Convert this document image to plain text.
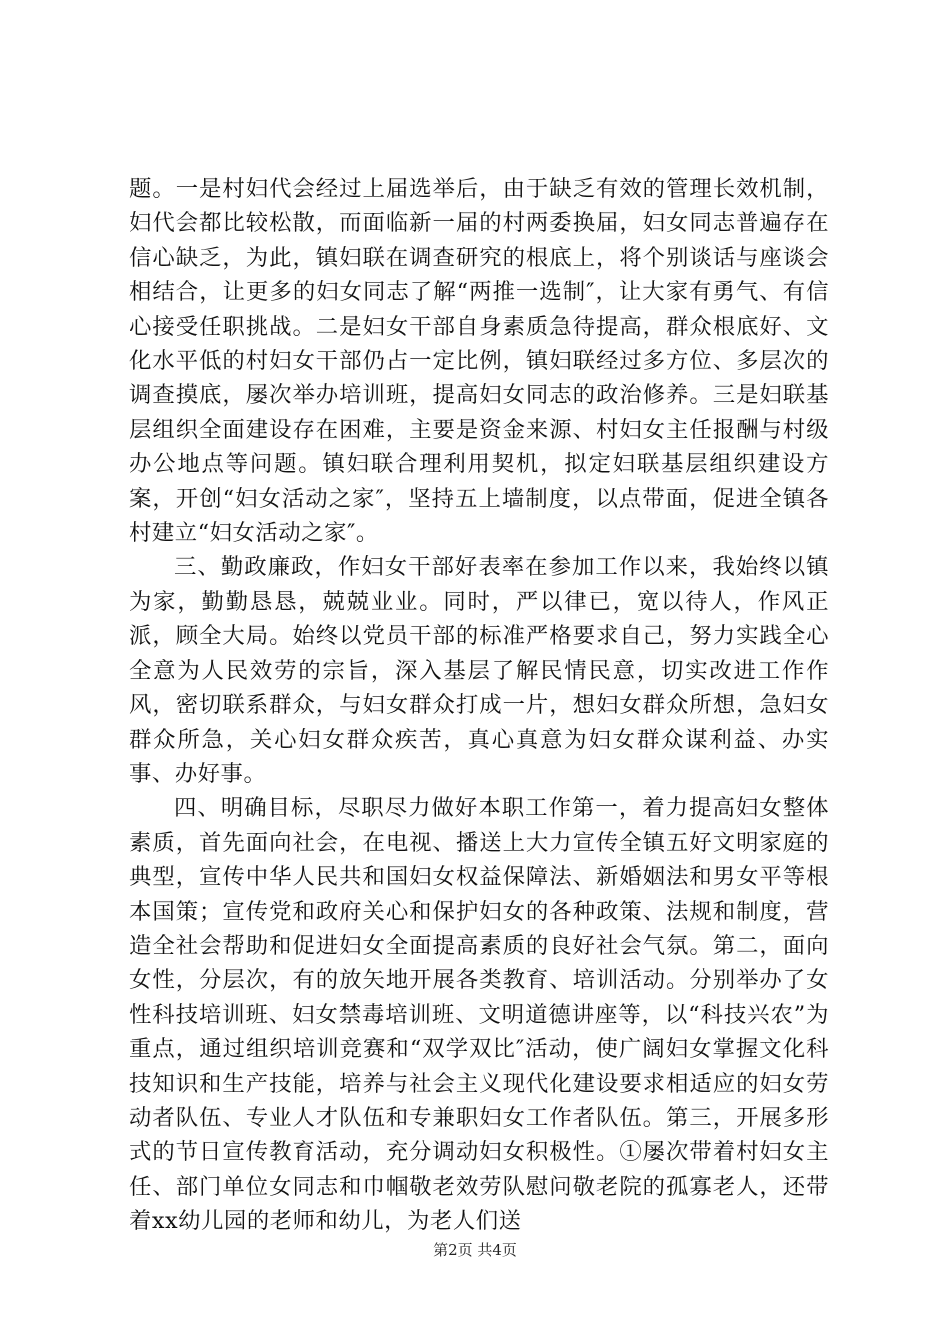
题。一是村妇代会经过上届选举后，由于缺乏有效的管理长效机制，妇代会都比较松散，而面临新一届的村两委换届，妇女同志普遍存在信心缺乏，为此，镇妇联在调查研究的根底上，将个别谈话与座谈会相结合，让更多的妇女同志了解“两推一选制″，让大家有勇气、有信心接受任职挑战。二是妇女干部自身素质急待提高，群众根底好、文化水平低的村妇女干部仍占一定比例，镇妇联经过多方位、多层次的调查摸底，屡次举办培训班，提高妇女同志的政治修养。三是妇联基层组织全面建设存在困难，主要是资金来源、村妇女主任报酬与村级办公地点等问题。镇妇联合理利用契机，拟定妇联基层组织建设方案，开创“妇女活动之家″，坚持五上墙制度，以点带面，促进全镇各村建立“妇女活动之家″。

三、勤政廉政，作妇女干部好表率在参加工作以来，我始终以镇为家，勤勤恳恳，兢兢业业。同时，严以律已，宽以待人，作风正派，顾全大局。始终以党员干部的标准严格要求自己，努力实践全心全意为人民效劳的宗旨，深入基层了解民情民意，切实改进工作作风，密切联系群众，与妇女群众打成一片，想妇女群众所想，急妇女群众所急，关心妇女群众疾苦，真心真意为妇女群众谋利益、办实事、办好事。

四、明确目标，尽职尽力做好本职工作第一，着力提高妇女整体素质，首先面向社会，在电视、播送上大力宣传全镇五好文明家庭的典型，宣传中华人民共和国妇女权益保障法、新婚姻法和男女平等根本国策；宣传党和政府关心和保护妇女的各种政策、法规和制度，营造全社会帮助和促进妇女全面提高素质的良好社会气氛。第二，面向女性，分层次，有的放矢地开展各类教育、培训活动。分别举办了女性科技培训班、妇女禁毒培训班、文明道德讲座等，以“科技兴农”为重点，通过组织培训竞赛和“双学双比″活动，使广阔妇女掌握文化科技知识和生产技能，培养与社会主义现代化建设要求相适应的妇女劳动者队伍、专业人才队伍和专兼职妇女工作者队伍。第三，开展多形式的节日宣传教育活动，充分调动妇女积极性。①屡次带着村妇女主任、部门单位女同志和巾帼敬老效劳队慰问敬老院的孤寡老人，还带着xx幼儿园的老师和幼儿，为老人们送

第2页 共4页
